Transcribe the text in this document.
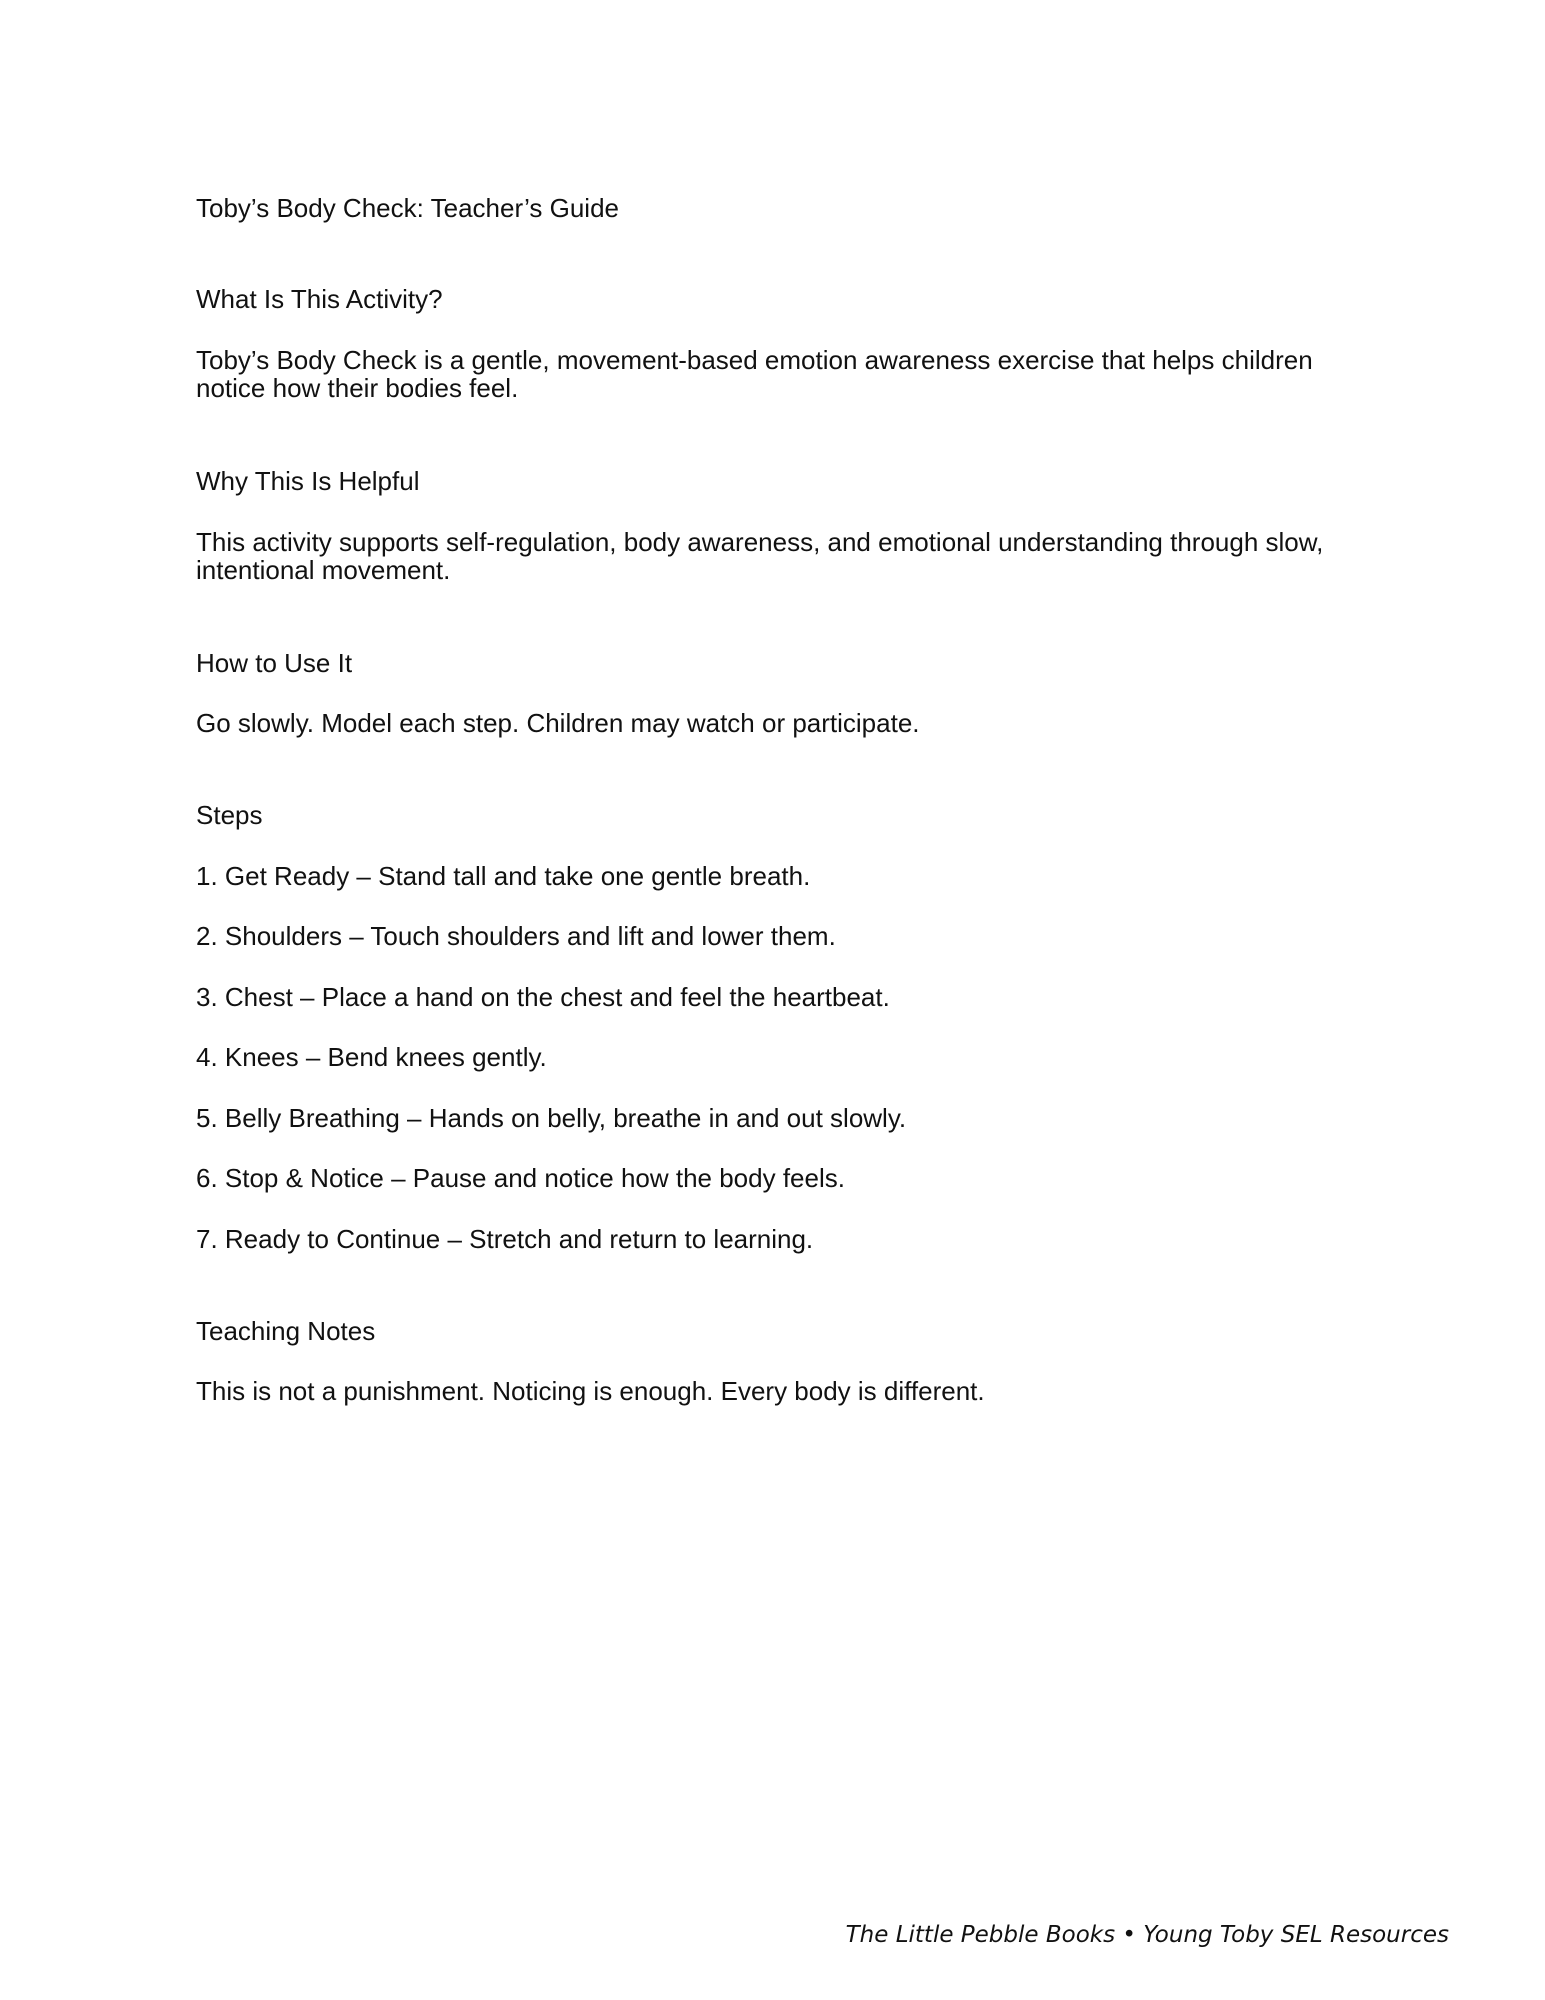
Toby’s Body Check: Teacher’s Guide

What Is This Activity?

Toby’s Body Check is a gentle, movement-based emotion awareness exercise that helps children

notice how their bodies feel.

Why This Is Helpful

This activity supports self-regulation, body awareness, and emotional understanding through slow,

intentional movement.

How to Use It

Go slowly. Model each step. Children may watch or participate.

Steps

1. Get Ready – Stand tall and take one gentle breath.

2. Shoulders – Touch shoulders and lift and lower them.

3. Chest – Place a hand on the chest and feel the heartbeat.

4. Knees – Bend knees gently.

5. Belly Breathing – Hands on belly, breathe in and out slowly.

6. Stop & Notice – Pause and notice how the body feels.

7. Ready to Continue – Stretch and return to learning.

Teaching Notes

This is not a punishment. Noticing is enough. Every body is different.

The Little Pebble Books • Young Toby SEL Resources
